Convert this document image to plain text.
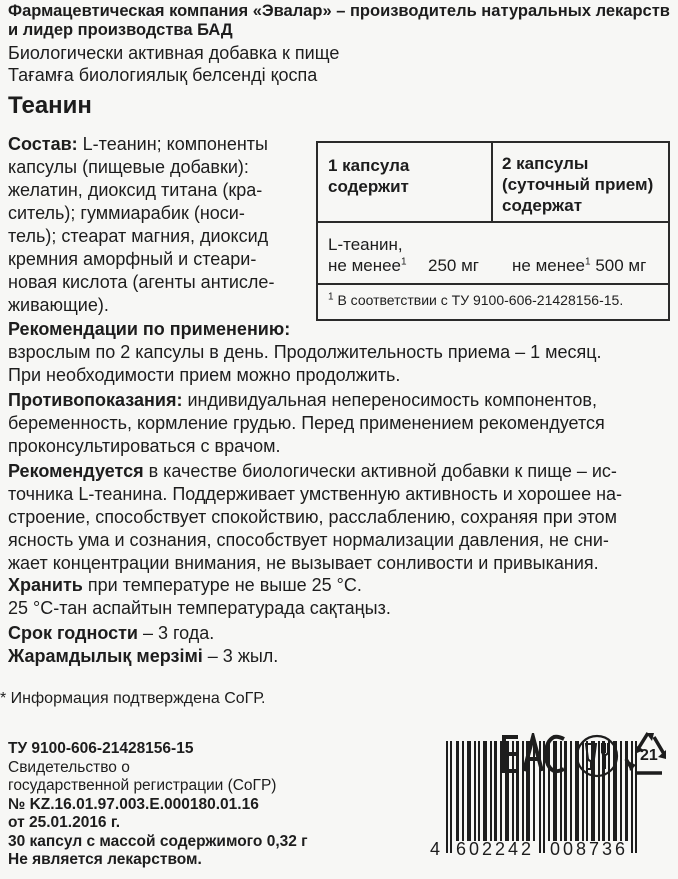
Фармацевтическая компания «Эвалар» – производитель натуральных лекарств и лидер производства БАД
Биологически активная добавка к пище
Тағамға биологиялық белсенді қоспа
Теанин
Состав: L-теанин; компоненты
капсулы (пищевые добавки):
желатин, диоксид титана (кра-
ситель); гуммиарабик (носи-
тель); стеарат магния, диоксид
кремния аморфный и стеари-
новая кислота (агенты антисле-
живающие).
1 капсула
содержит
2 капсулы
(суточный прием)
содержат
L-теанин,
не менее$^1$ 250 мг не менее$^1$ 500 мг
$^1$ В соответствии с ТУ 9100-606-21428156-15.
Рекомендации по применению:
взрослым по 2 капсулы в день. Продолжительность приема – 1 месяц.
При необходимости прием можно продолжить.
Противопоказания: индивидуальная непереносимость компонентов,
беременность, кормление грудью. Перед применением рекомендуется
проконсультироваться с врачом.
Рекомендуется в качестве биологически активной добавки к пище – ис-
точника L-теанина. Поддерживает умственную активность и хорошее на-
строение, способствует спокойствию, расслаблению, сохраняя при этом
ясность ума и сознания, способствует нормализации давления, не сни-
жает концентрации внимания, не вызывает сонливости и привыкания.
Хранить при температуре не выше 25 °С.
25 °С-тан аспайтын температурада сақтаңыз.
Срок годности – 3 года.
Жарамдылық мерзімі – 3 жыл.
* Информация подтверждена СоГР.
ТУ 9100-606-21428156-15
Свидетельство о
государственной регистрации (СоГР)
№ KZ.16.01.97.003.Е.000180.01.16
от 25.01.2016 г.
30 капсул с массой содержимого 0,32 г
Не является лекарством.
21
4 602242 008736
